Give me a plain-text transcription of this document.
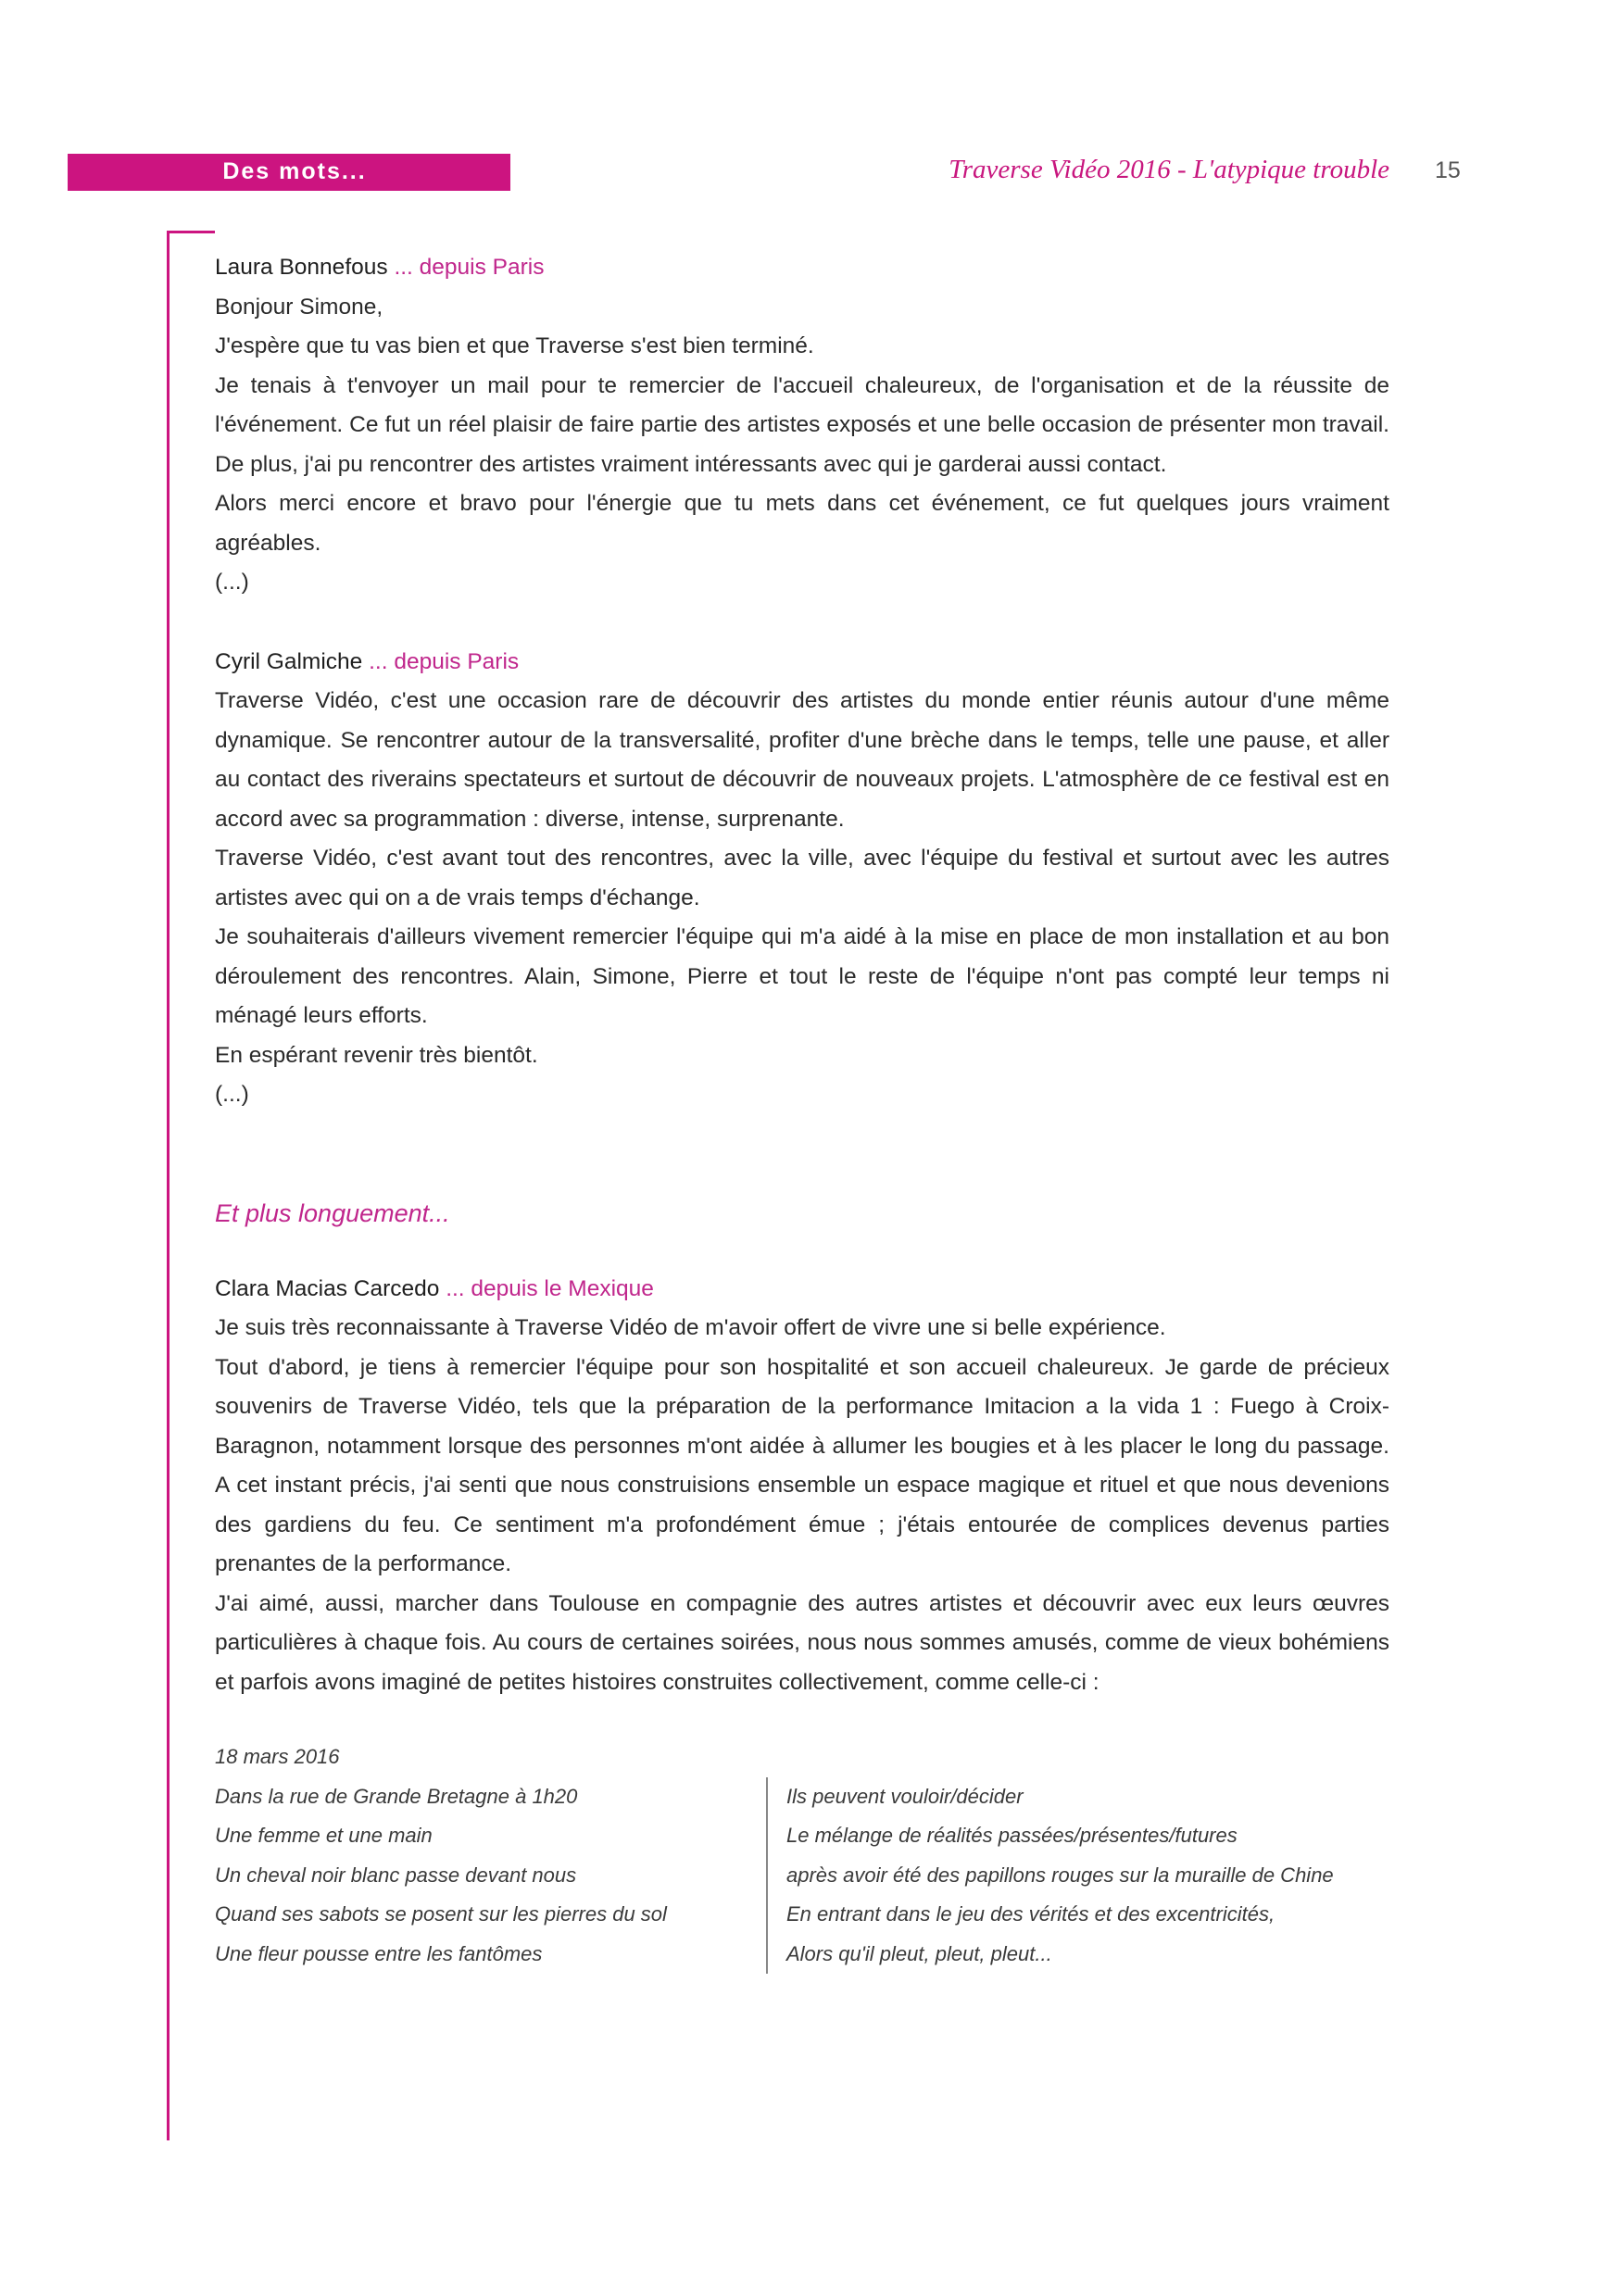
Des mots...	Traverse Vidéo 2016 - L'atypique trouble 15

Laura Bonnefous ... depuis Paris

Bonjour Simone,

J'espère que tu vas bien et que Traverse s'est bien terminé.

Je tenais à t'envoyer un mail pour te remercier de l'accueil chaleureux, de l'organisation et de la réussite de l'événement. Ce fut un réel plaisir de faire partie des artistes exposés et une belle occasion de présenter mon travail. De plus, j'ai pu rencontrer des artistes vraiment intéressants avec qui je garderai aussi contact.

Alors merci encore et bravo pour l'énergie que tu mets dans cet événement, ce fut quelques jours vraiment agréables.

(...)

Cyril Galmiche ... depuis Paris

Traverse Vidéo, c'est une occasion rare de découvrir des artistes du monde entier réunis autour d'une même dynamique. Se rencontrer autour de la transversalité, profiter d'une brèche dans le temps, telle une pause, et aller au contact des riverains spectateurs et surtout de découvrir de nouveaux projets. L'atmosphère de ce festival est en accord avec sa programmation : diverse, intense, surprenante.

Traverse Vidéo, c'est avant tout des rencontres, avec la ville, avec l'équipe du festival et surtout avec les autres artistes avec qui on a de vrais temps d'échange.

Je souhaiterais d'ailleurs vivement remercier l'équipe qui m'a aidé à la mise en place de mon installation et au bon déroulement des rencontres. Alain, Simone, Pierre et tout le reste de l'équipe n'ont pas compté leur temps ni ménagé leurs efforts.

En espérant revenir très bientôt.

(...)

Et plus longuement...

Clara Macias Carcedo ... depuis le Mexique

Je suis très reconnaissante à Traverse Vidéo de m'avoir offert de vivre une si belle expérience.

Tout d'abord, je tiens à remercier l'équipe pour son hospitalité et son accueil chaleureux. Je garde de précieux souvenirs de Traverse Vidéo, tels que la préparation de la performance Imitacion a la vida 1 : Fuego à Croix-Baragnon, notamment lorsque des personnes m'ont aidée à allumer les bougies et à les placer le long du passage. A cet instant précis, j'ai senti que nous construisions ensemble un espace magique et rituel et que nous devenions des gardiens du feu. Ce sentiment m'a profondément émue ; j'étais entourée de complices devenus parties prenantes de la performance.

J'ai aimé, aussi, marcher dans Toulouse en compagnie des autres artistes et découvrir avec eux leurs œuvres particulières à chaque fois. Au cours de certaines soirées, nous nous sommes amusés, comme de vieux bohémiens et parfois avons imaginé de petites histoires construites collectivement, comme celle-ci :

18 mars 2016
Dans la rue de Grande Bretagne à 1h20
Une femme et une main
Un cheval noir blanc passe devant nous
Quand ses sabots se posent sur les pierres du sol
Une fleur pousse entre les fantômes
Ils peuvent vouloir/décider
Le mélange de réalités passées/présentes/futures
après avoir été des papillons rouges sur la muraille de Chine
En entrant dans le jeu des vérités et des excentricités,
Alors qu'il pleut, pleut, pleut...
